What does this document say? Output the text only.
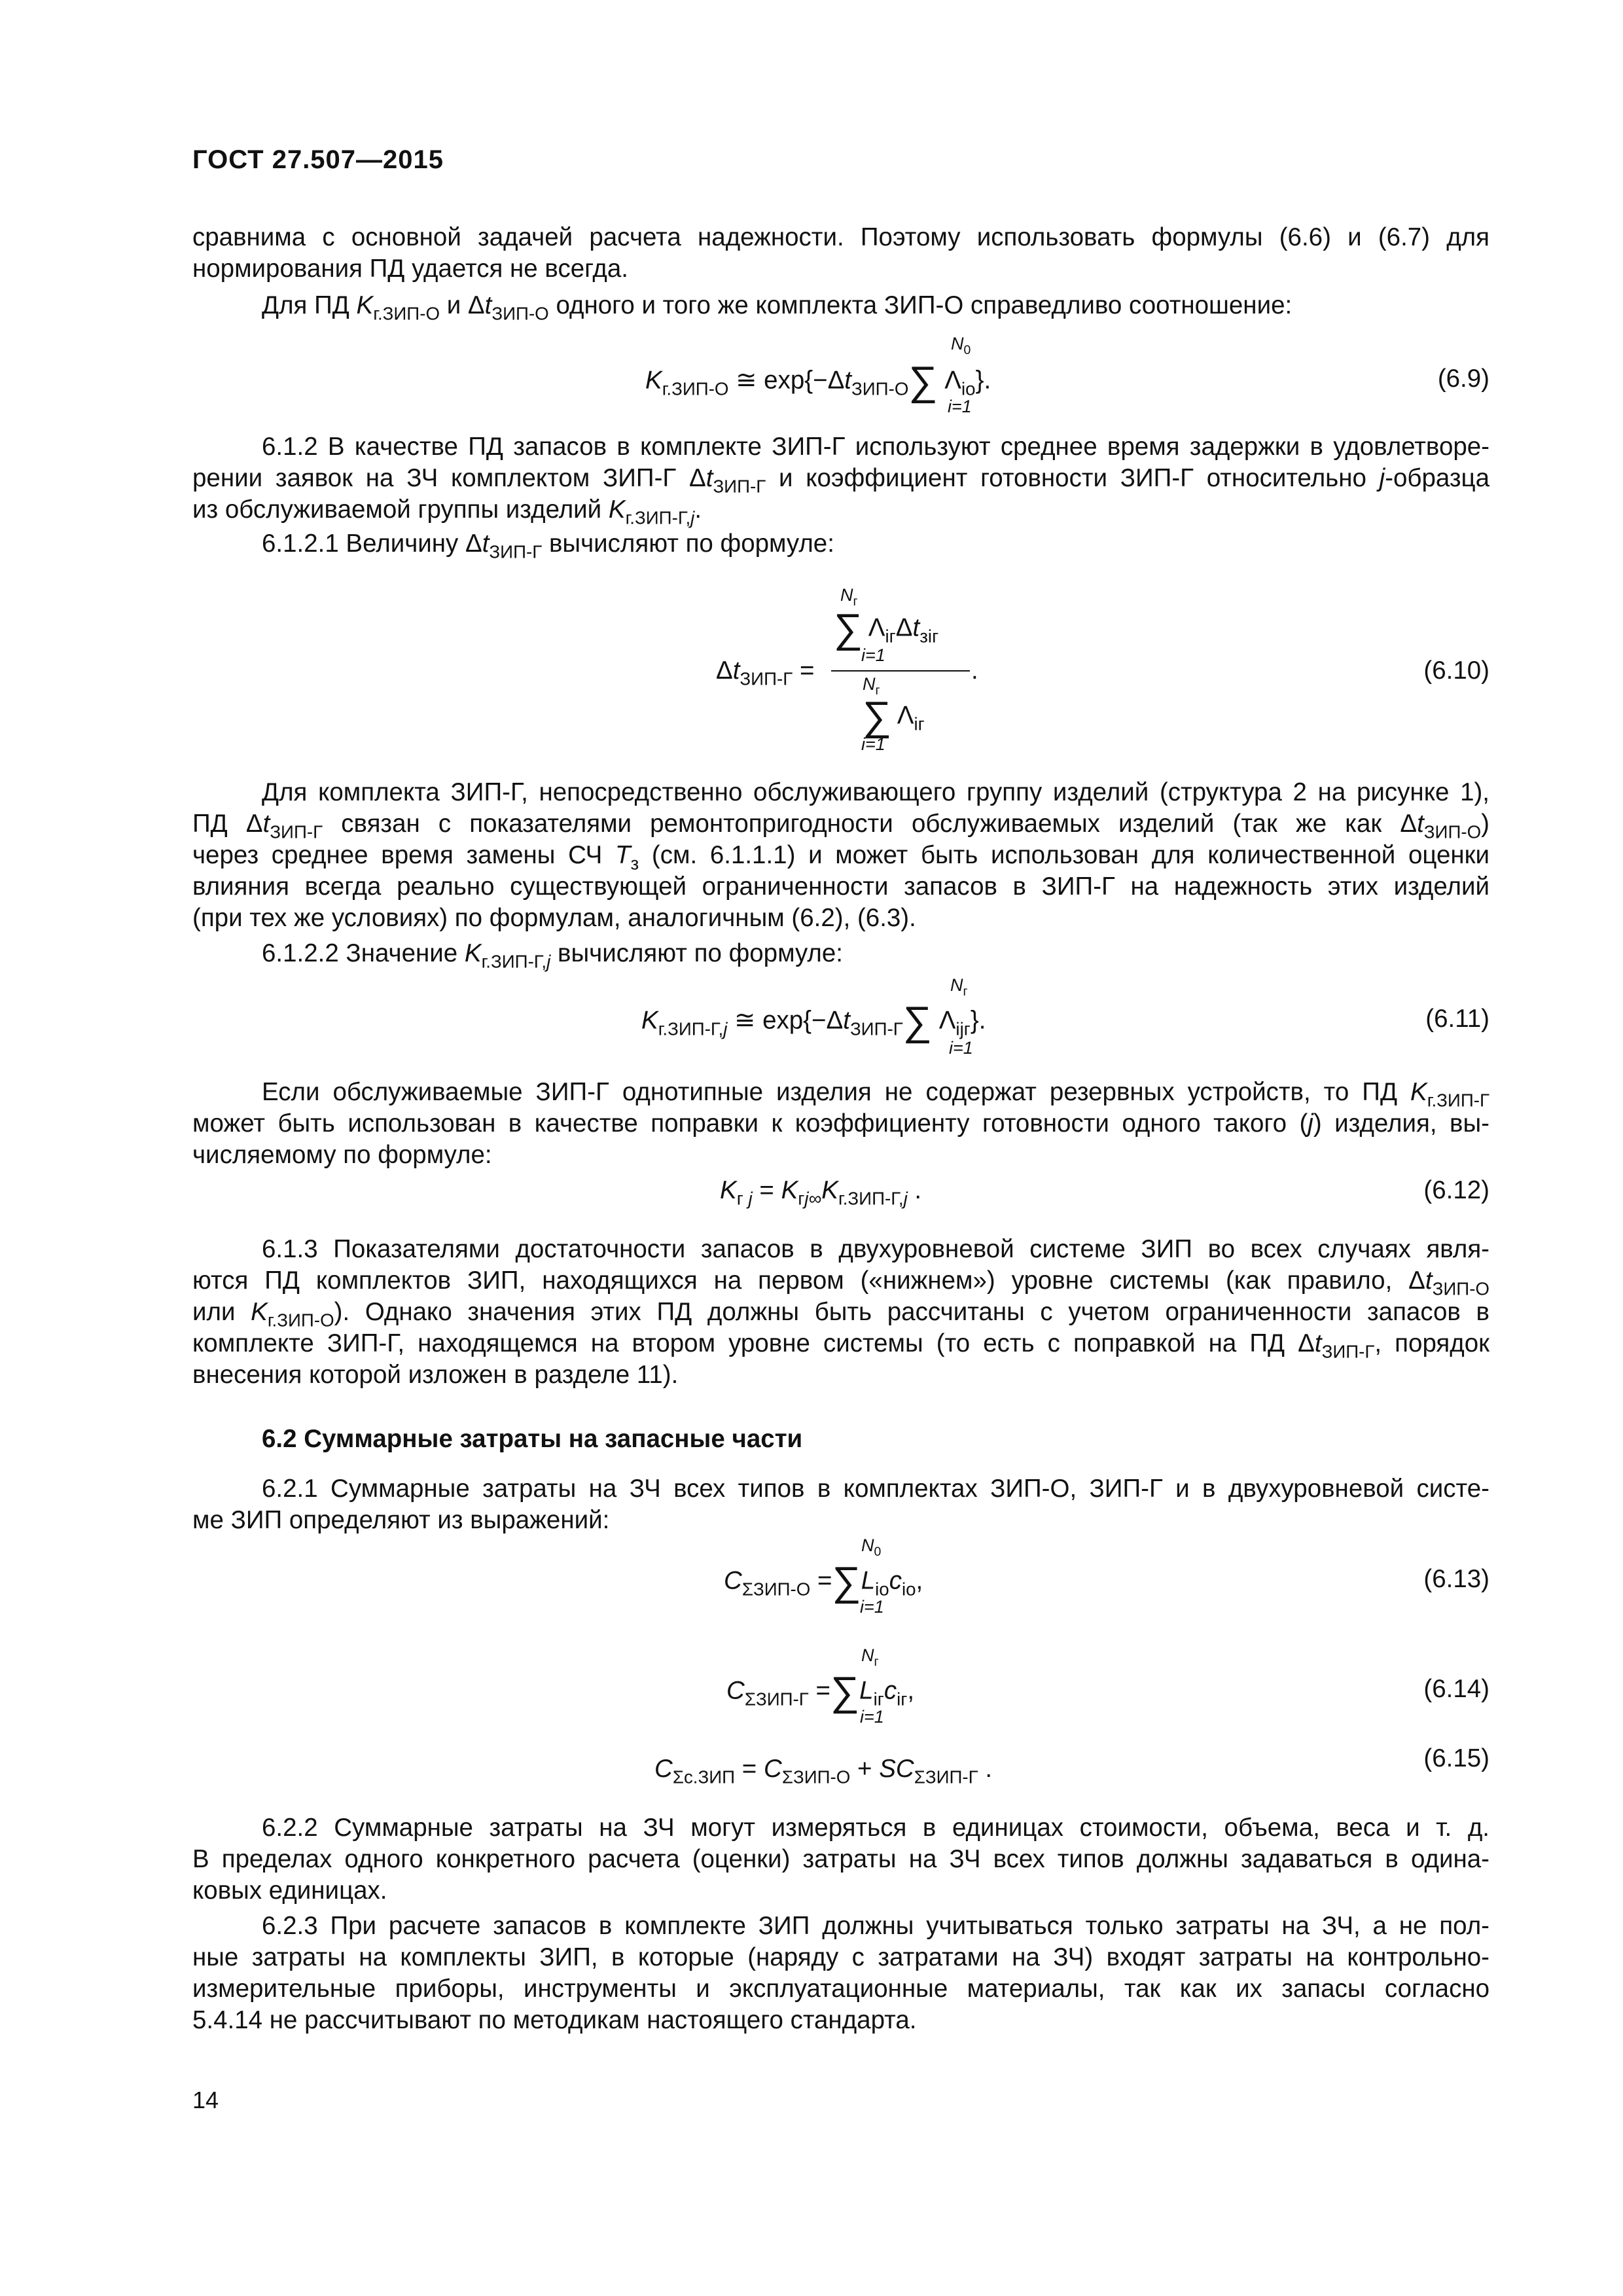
ГОСТ 27.507—2015
сравнима с основной задачей расчета надежности. Поэтому использовать формулы (6.6) и (6.7) для
нормирования ПД удается не всегда.
Для ПД $K_{г.ЗИП-О}$ и $\Delta t_{ЗИП-О}$ одного и того же комплекта ЗИП-О справедливо соотношение:
$N_0$
$K_{г.ЗИП-О}$ ≅ $\exp\{-\Delta t_{ЗИП-О}\sum$ $\Lambda_{io}$}.
i=1
(6.9)
6.1.2 В качестве ПД запасов в комплекте ЗИП-Г используют среднее время задержки в удовлетворе-
рении заявок на ЗЧ комплектом ЗИП-Г $\Delta t_{ЗИП-Г}$ и коэффициент готовности ЗИП-Г относительно j-образца
из обслуживаемой группы изделий $K_{г.ЗИП-Г,j}$.
6.1.2.1 Величину $\Delta t_{ЗИП-Г}$ вычисляют по формуле:
$N_г$
∑ $\Lambda_{iг}\Delta t_{зiг}$
i=1
$\Delta t_{ЗИП-Г}$ =	.
$N_г$
∑ $\Lambda_{iг}$
i=1
(6.10)
Для комплекта ЗИП-Г, непосредственно обслуживающего группу изделий (структура 2 на рисунке 1),
ПД $\Delta t_{ЗИП-Г}$ связан с показателями ремонтопригодности обслуживаемых изделий (так же как $\Delta t_{ЗИП-О}$)
через среднее время замены СЧ $T_з$ (см. 6.1.1.1) и может быть использован для количественной оценки
влияния всегда реально существующей ограниченности запасов в ЗИП-Г на надежность этих изделий
(при тех же условиях) по формулам, аналогичным (6.2), (6.3).
6.1.2.2 Значение $K_{г.ЗИП-Г,j}$ вычисляют по формуле:
$N_г$
$K_{г.ЗИП-Г,j}$ ≅ $\exp\{-\Delta t_{ЗИП-Г}\sum$ $\Lambda_{ijг}$}.
i=1
(6.11)
Если обслуживаемые ЗИП-Г однотипные изделия не содержат резервных устройств, то ПД $K_{г.ЗИП-Г}$
может быть использован в качестве поправки к коэффициенту готовности одного такого (j) изделия, вы-
числяемому по формуле:
$K_{г j} = K_{гj\infty}K_{г.ЗИП-Г,j}$ .	(6.12)
6.1.3 Показателями достаточности запасов в двухуровневой системе ЗИП во всех случаях явля-
ются ПД комплектов ЗИП, находящихся на первом («нижнем») уровне системы (как правило, $\Delta t_{ЗИП-О}$
или $K_{г.ЗИП-О}$). Однако значения этих ПД должны быть рассчитаны с учетом ограниченности запасов в
комплекте ЗИП-Г, находящемся на втором уровне системы (то есть с поправкой на ПД $\Delta t_{ЗИП-Г}$, порядок
внесения которой изложен в разделе 11).
6.2 Суммарные затраты на запасные части
6.2.1 Суммарные затраты на ЗЧ всех типов в комплектах ЗИП-О, ЗИП-Г и в двухуровневой систе-
ме ЗИП определяют из выражений:
$N_0$
$C_{\Sigma ЗИП-О} =\sum L_{io}c_{io}$,
i=1
(6.13)
$N_г$
$C_{\Sigma ЗИП-Г} =\sum L_{iг}c_{iг}$,
i=1
(6.14)
$C_{\Sigma c.ЗИП} = C_{\Sigma ЗИП-О} + SC_{\Sigma ЗИП-Г}$ .	(6.15)
6.2.2 Суммарные затраты на ЗЧ могут измеряться в единицах стоимости, объема, веса и т. д.
В пределах одного конкретного расчета (оценки) затраты на ЗЧ всех типов должны задаваться в одина-
ковых единицах.
6.2.3 При расчете запасов в комплекте ЗИП должны учитываться только затраты на ЗЧ, а не пол-
ные затраты на комплекты ЗИП, в которые (наряду с затратами на ЗЧ) входят затраты на контрольно-
измерительные приборы, инструменты и эксплуатационные материалы, так как их запасы согласно
5.4.14 не рассчитывают по методикам настоящего стандарта.
14
